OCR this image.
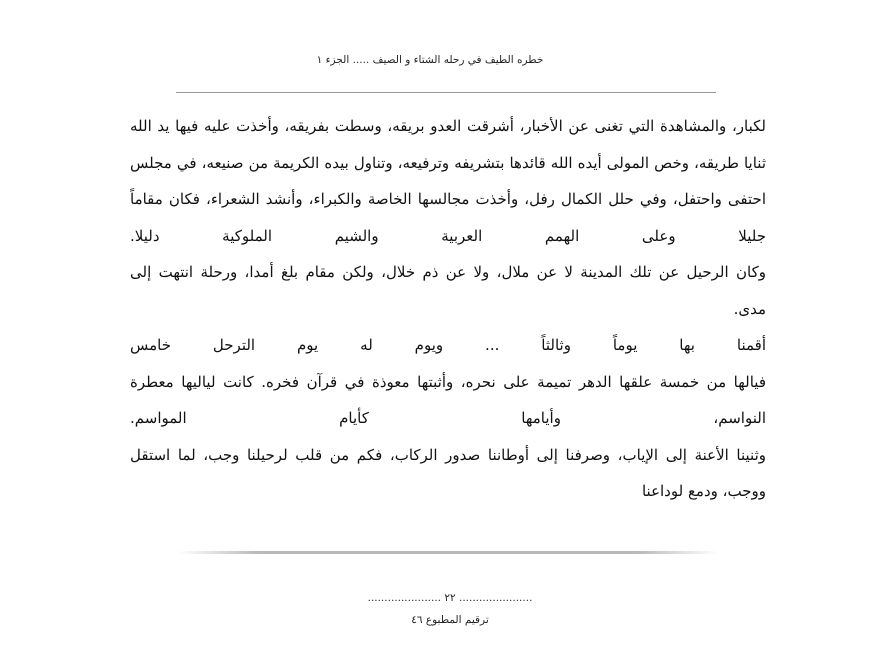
خطره الطيف في رحله الشتاء و الصيف ..... الجزء ١
لكبار، والمشاهدة التي تغنى عن الأخبار، أشرقت العدو بريقه، وسطت بفريقه، وأخذت عليه فيها يد الله
ثنايا طريقه، وخص المولى أيده الله قائدها بتشريفه وترفيعه، وتناول بيده الكريمة من صنيعه، في مجلس
احتفى واحتفل، وفي حلل الكمال رفل، وأخذت مجالسها الخاصة والكبراء، وأنشد الشعراء، فكان مقاماً
جليلا وعلى الهمم العربية والشيم الملوكية دليلا.
وكان الرحيل عن تلك المدينة لا عن ملال، ولا عن ذم خلال، ولكن مقام بلغ أمدا، ورحلة انتهت إلى
مدى.
أقمنا بها يوماً وثالثاً ... ويوم له يوم الترحل خامس
فيالها من خمسة علقها الدهر تميمة على نحره، وأثبتها معوذة في قرآن فخره. كانت لياليها معطرة
النواسم، وأيامها كأيام المواسم.
وثنينا الأعنة إلى الإياب، وصرفنا إلى أوطاننا صدور الركاب، فكم من قلب لرحيلنا وجب، لما استقل
ووجب، ودمع لوداعنا
...................... ٢٢ ......................
ترقيم المطبوع ٤٦
